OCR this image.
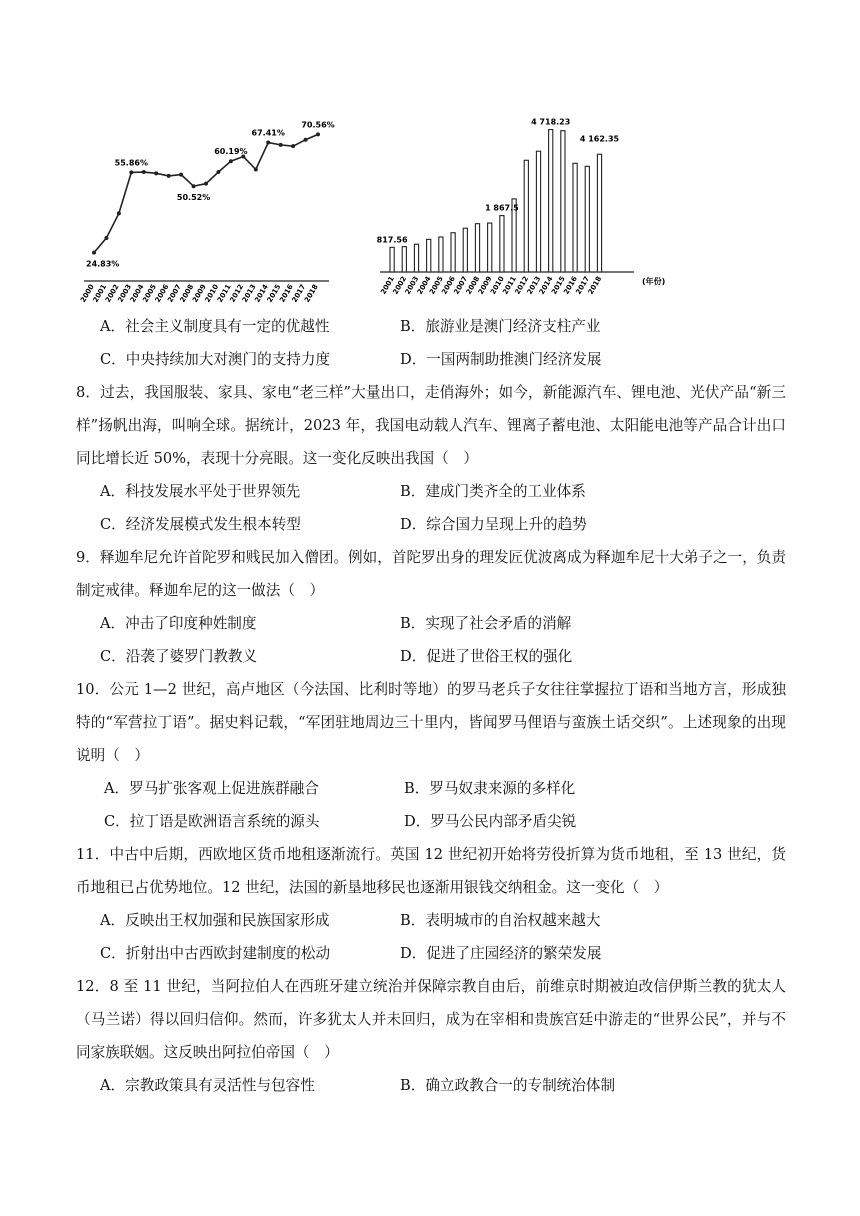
24.83%
55.86%
50.52%
60.19%
67.41%
70.56%
2000
2001
2002
2003
2004
2005
2006
2007
2008
2009
2010
2011
2012
2013
2014
2015
2016
2017
2018
817.56
1 867.5
4 718.23
4 162.35
2001
2002
2003
2004
2005
2006
2007
2008
2009
2010
2011
2012
2013
2014
2015
2016
2017
2018	(年份)
A．社会主义制度具有一定的优越性	B．旅游业是澳门经济支柱产业
C．中央持续加大对澳门的支持力度	D．一国两制助推澳门经济发展

8．过去，我国服装、家具、家电“老三样”大量出口，走俏海外；如今，新能源汽车、锂电池、光伏产品“新三样”扬帆出海，叫响全球。据统计，2023 年，我国电动载人汽车、锂离子蓄电池、太阳能电池等产品合计出口同比增长近 50%，表现十分亮眼。这一变化反映出我国（　）

A．科技发展水平处于世界领先	B．建成门类齐全的工业体系
C．经济发展模式发生根本转型	D．综合国力呈现上升的趋势

9．释迦牟尼允许首陀罗和贱民加入僧团。例如，首陀罗出身的理发匠优波离成为释迦牟尼十大弟子之一，负责制定戒律。释迦牟尼的这一做法（　）

A．冲击了印度种姓制度	B．实现了社会矛盾的消解
C．沿袭了婆罗门教教义	D．促进了世俗王权的强化

10．公元 1—2 世纪，高卢地区（今法国、比利时等地）的罗马老兵子女往往掌握拉丁语和当地方言，形成独特的“军营拉丁语”。据史料记载，“军团驻地周边三十里内，皆闻罗马俚语与蛮族土话交织”。上述现象的出现说明（　）

A．罗马扩张客观上促进族群融合	B．罗马奴隶来源的多样化
C．拉丁语是欧洲语言系统的源头	D．罗马公民内部矛盾尖锐

11．中古中后期，西欧地区货币地租逐渐流行。英国 12 世纪初开始将劳役折算为货币地租，至 13 世纪，货币地租已占优势地位。12 世纪，法国的新垦地移民也逐渐用银钱交纳租金。这一变化（　）

A．反映出王权加强和民族国家形成	B．表明城市的自治权越来越大
C．折射出中古西欧封建制度的松动	D．促进了庄园经济的繁荣发展

12．8 至 11 世纪，当阿拉伯人在西班牙建立统治并保障宗教自由后，前维京时期被迫改信伊斯兰教的犹太人（马兰诺）得以回归信仰。然而，许多犹太人并未回归，成为在宰相和贵族宫廷中游走的“世界公民”，并与不同家族联姻。这反映出阿拉伯帝国（　）

A．宗教政策具有灵活性与包容性	B．确立政教合一的专制统治体制
